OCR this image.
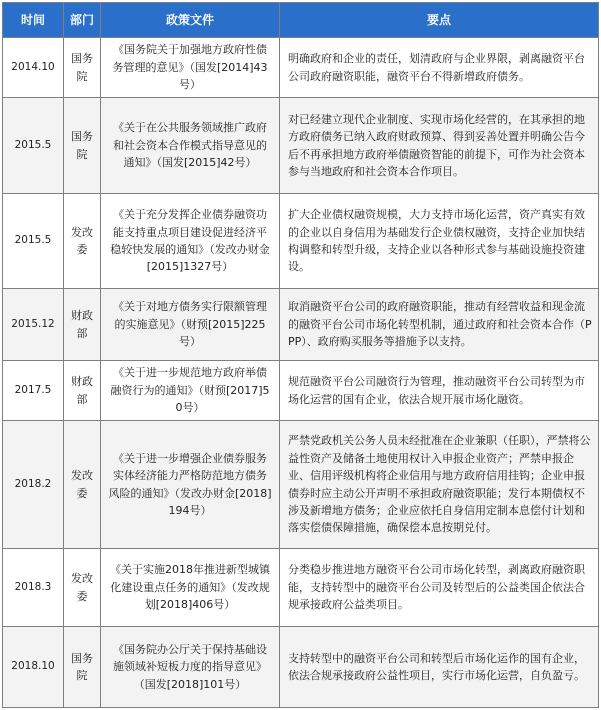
时间	部门	政策文件	要点
2014.10	国务院	《国务院关于加强地方政府性债务管理的意见》（国发[2014]43号）	明确政府和企业的责任，划清政府与企业界限，剥离融资平台公司政府融资职能，融资平台不得新增政府债务。
2015.5	国务院	《关于在公共服务领域推广政府和社会资本合作模式指导意见的通知》（国发[2015]42号）	对已经建立现代企业制度、实现市场化经营的，在其承担的地方政府债务已纳入政府财政预算、得到妥善处置并明确公告今后不再承担地方政府举债融资智能的前提下，可作为社会资本参与当地政府和社会资本合作项目。
2015.5	发改委	《关于充分发挥企业债券融资功能支持重点项目建设促进经济平稳较快发展的通知》（发改办财金[2015]1327号）	扩大企业债权融资规模，大力支持市场化运营，资产真实有效的企业以自身信用为基础发行企业债权融资，支持企业加快结构调整和转型升级，支持企业以各种形式参与基础设施投资建设。
2015.12	财政部	《关于对地方债务实行限额管理的实施意见》（财预[2015]225号）	取消融资平台公司的政府融资职能，推动有经营收益和现金流的融资平台公司市场化转型机制，通过政府和社会资本合作（PPP）、政府购买服务等措施予以支持。
2017.5	财政部	《关于进一步规范地方政府举债融资行为的通知》（财预[2017]50号）	规范融资平台公司融资行为管理，推动融资平台公司转型为市场化运营的国有企业，依法合规开展市场化融资。
2018.2	发改委	《关于进一步增强企业债券服务实体经济能力严格防范地方债务风险的通知》（发改办财金[2018]194号）	严禁党政机关公务人员未经批准在企业兼职（任职），严禁将公益性资产及储备土地使用权计入申报企业资产；严禁申报企业、信用评级机构将企业信用与地方政府信用挂钩；企业申报债券时应主动公开声明不承担政府融资职能；发行本期债权不涉及新增地方债务；企业应依托自身信用定制本息偿付计划和落实偿债保障措施，确保偿本息按期兑付。
2018.3	发改委	《关于实施2018年推进新型城镇化建设重点任务的通知》（发改规划[2018]406号）	分类稳步推进地方融资平台公司市场化转型，剥离政府融资职能，支持转型中的融资平台公司及转型后的公益类国企依法合规承接政府公益类项目。
2018.10	国务院	《国务院办公厅关于保持基础设施领域补短板力度的指导意见》（国发[2018]101号）	支持转型中的融资平台公司和转型后市场化运作的国有企业，依法合规承接政府公益性项目，实行市场化运营，自负盈亏。
